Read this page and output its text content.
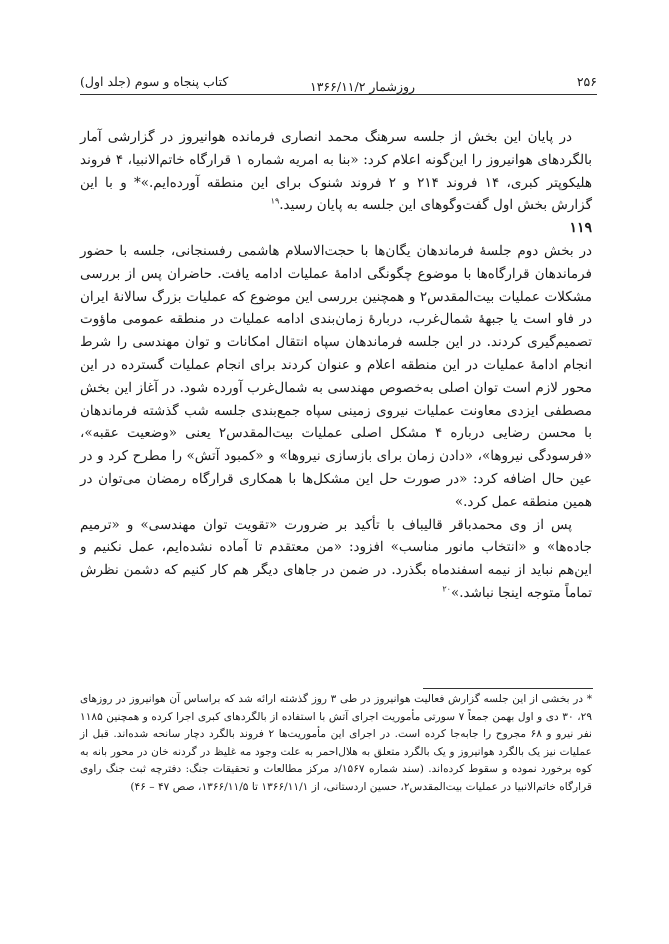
۲۵۶
روزشمار ۱۳۶۶/۱۱/۲
کتاب پنجاه و سوم (جلد اول)

در پایان این بخش از جلسه سرهنگ محمد انصاری فرمانده هوانیروز در گزارشی آمار بالگردهای هوانیروز را این‌گونه اعلام کرد: «بنا به امریه شماره ۱ قرارگاه خاتم‌الانبیا، ۴ فروند هلیکوپتر کبری، ۱۴ فروند ۲۱۴ و ۲ فروند شنوک برای این منطقه آورده‌ایم.»* و با این گزارش بخش اول گفت‌وگوهای این جلسه به پایان رسید.$^{۱۹}$

۱۱۹

در بخش دوم جلسهٔ فرماندهان یگان‌ها با حجت‌الاسلام هاشمی رفسنجانی، جلسه با حضور فرماندهان قرارگاه‌ها با موضوع چگونگی ادامهٔ عملیات ادامه یافت. حاضران پس از بررسی مشکلات عملیات بیت‌المقدس۲ و همچنین بررسی این موضوع که عملیات بزرگ سالانهٔ ایران در فاو است یا جبههٔ شمال‌غرب، دربارهٔ زمان‌بندی ادامه عملیات در منطقه عمومی ماؤوت تصمیم‌گیری کردند. در این جلسه فرماندهان سپاه انتقال امکانات و توان مهندسی را شرط انجام ادامهٔ عملیات در این منطقه اعلام و عنوان کردند برای انجام عملیات گسترده در این محور لازم است توان اصلی به‌خصوص مهندسی به شمال‌غرب آورده شود. در آغاز این بخش مصطفی ایزدی معاونت عملیات نیروی زمینی سپاه جمع‌بندی جلسه شب گذشته فرماندهان با محسن رضایی درباره ۴ مشکل اصلی عملیات بیت‌المقدس۲ یعنی «وضعیت عقبه»، «فرسودگی نیروها»، «دادن زمان برای بازسازی نیروها» و «کمبود آتش» را مطرح کرد و در عین حال اضافه کرد: «در صورت حل این مشکل‌ها با همکاری قرارگاه رمضان می‌توان در همین منطقه عمل کرد.»

پس از وی محمدباقر قالیباف با تأکید بر ضرورت «تقویت توان مهندسی» و «ترمیم جاده‌ها» و «انتخاب مانور مناسب» افزود: «من معتقدم تا آماده نشده‌ایم، عمل نکنیم و این‌هم نباید از نیمه اسفندماه بگذرد. در ضمن در جاهای دیگر هم کار کنیم که دشمن نظرش تماماً متوجه اینجا نباشد.»$^{۲۰}$

* در بخشی از این جلسه گزارش فعالیت هوانیروز در طی ۳ روز گذشته ارائه شد که براساس آن هوانیروز در روزهای ۲۹، ۳۰ دی و اول بهمن جمعاً ۷ سورتی مأموریت اجرای آتش با استفاده از بالگردهای کبری اجرا کرده و همچنین ۱۱۸۵ نفر نیرو و ۶۸ مجروح را جابه‌جا کرده است. در اجرای این مأموریت‌ها ۲ فروند بالگرد دچار سانحه شده‌اند. قبل از عملیات نیز یک بالگرد هوانیروز و یک بالگرد متعلق به هلال‌احمر به علت وجود مه غلیظ در گردنه خان در محور بانه به کوه برخورد نموده و سقوط کرده‌اند. (سند شماره ۱۵۶۷/د مرکز مطالعات و تحقیقات جنگ: دفترچه ثبت جنگ راوی قرارگاه خاتم‌الانبیا در عملیات بیت‌المقدس۲، حسین اردستانی، از ۱۳۶۶/۱۱/۱ تا ۱۳۶۶/۱۱/۵، صص ۴۷ – ۴۶)
